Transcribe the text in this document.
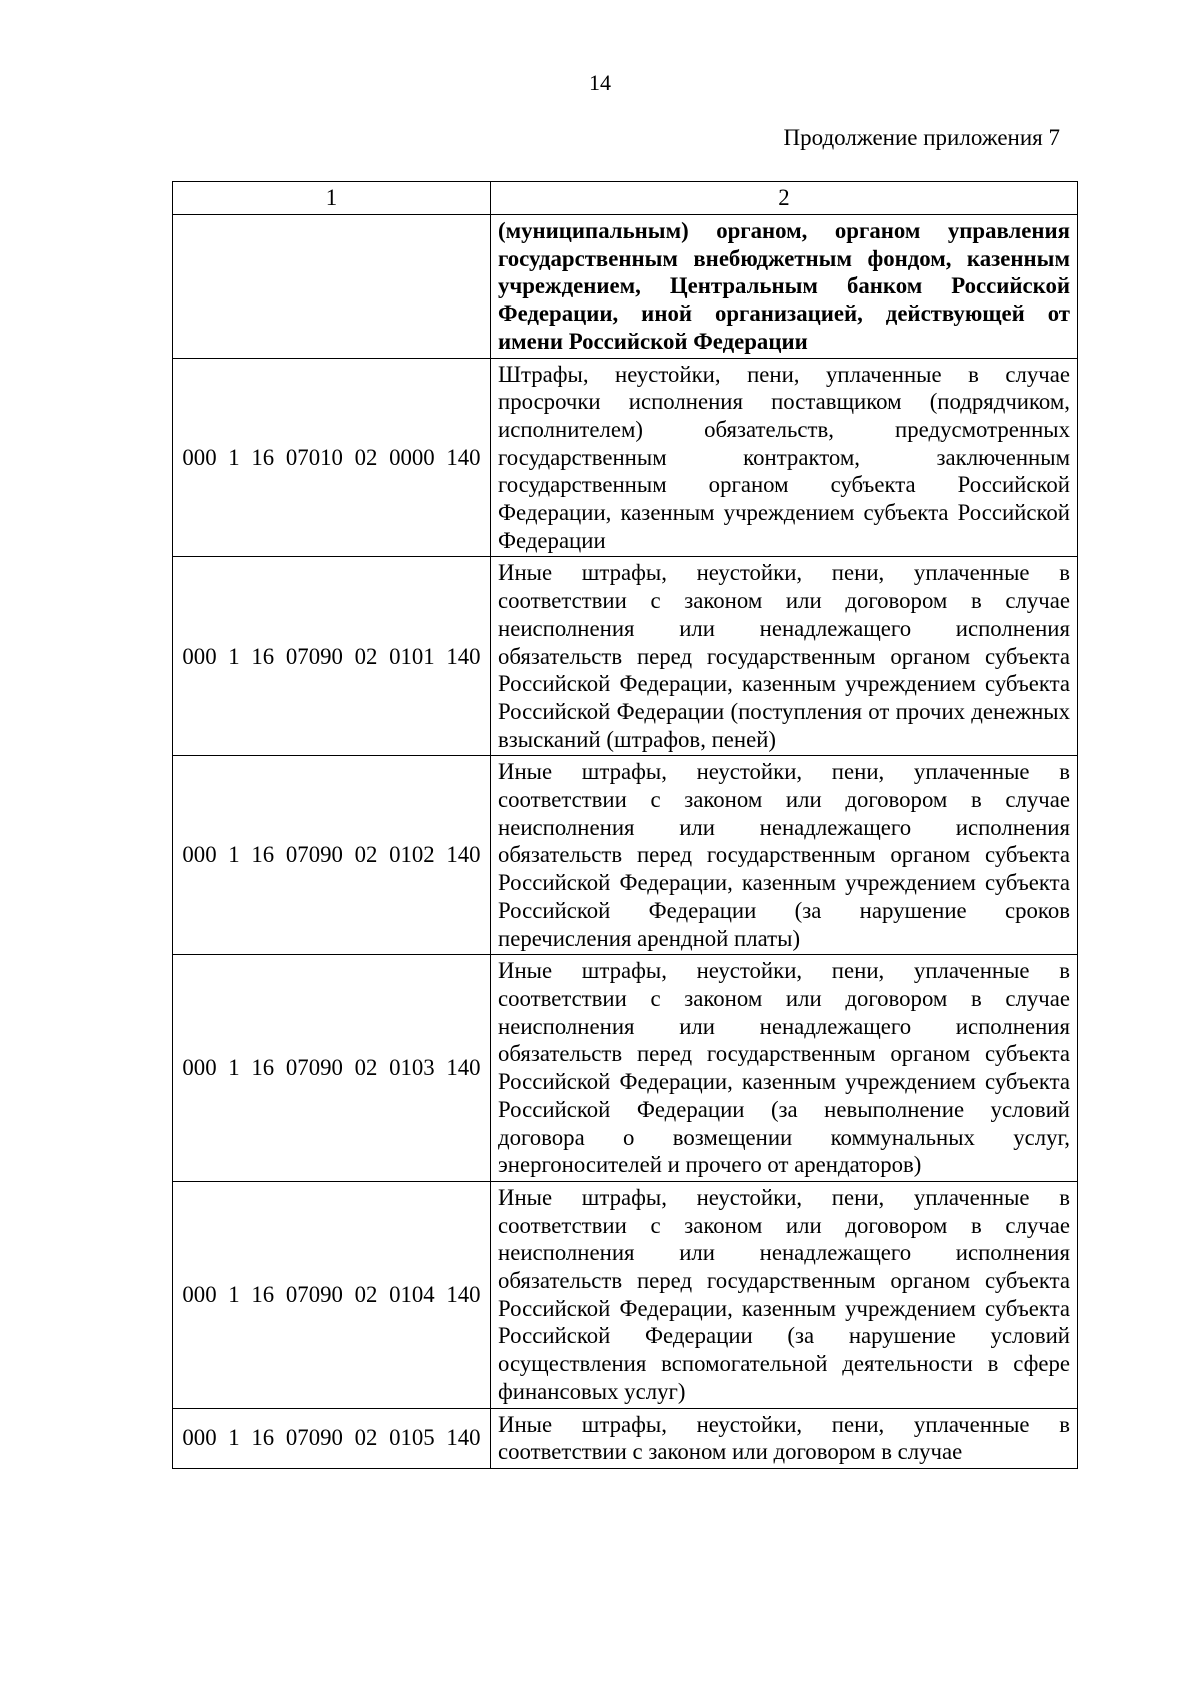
14
Продолжение приложения 7
1	2
	(муниципальным) органом, органом управления государственным внебюджетным фондом, казенным учреждением, Центральным банком Российской Федерации, иной организацией, действующей от имени Российской Федерации
000 1 16 07010 02 0000 140	Штрафы, неустойки, пени, уплаченные в случае просрочки исполнения поставщиком (подрядчиком, исполнителем) обязательств, предусмотренных государственным контрактом, заключенным государственным органом субъекта Российской Федерации, казенным учреждением субъекта Российской Федерации
000 1 16 07090 02 0101 140	Иные штрафы, неустойки, пени, уплаченные в соответствии с законом или договором в случае неисполнения или ненадлежащего исполнения обязательств перед государственным органом субъекта Российской Федерации, казенным учреждением субъекта Российской Федерации (поступления от прочих денежных взысканий (штрафов, пеней)
000 1 16 07090 02 0102 140	Иные штрафы, неустойки, пени, уплаченные в соответствии с законом или договором в случае неисполнения или ненадлежащего исполнения обязательств перед государственным органом субъекта Российской Федерации, казенным учреждением субъекта Российской Федерации (за нарушение сроков перечисления арендной платы)
000 1 16 07090 02 0103 140	Иные штрафы, неустойки, пени, уплаченные в соответствии с законом или договором в случае неисполнения или ненадлежащего исполнения обязательств перед государственным органом субъекта Российской Федерации, казенным учреждением субъекта Российской Федерации (за невыполнение условий договора о возмещении коммунальных услуг, энергоносителей и прочего от арендаторов)
000 1 16 07090 02 0104 140	Иные штрафы, неустойки, пени, уплаченные в соответствии с законом или договором в случае неисполнения или ненадлежащего исполнения обязательств перед государственным органом субъекта Российской Федерации, казенным учреждением субъекта Российской Федерации (за нарушение условий осуществления вспомогательной деятельности в сфере финансовых услуг)
000 1 16 07090 02 0105 140	Иные штрафы, неустойки, пени, уплаченные в соответствии с законом или договором в случае
